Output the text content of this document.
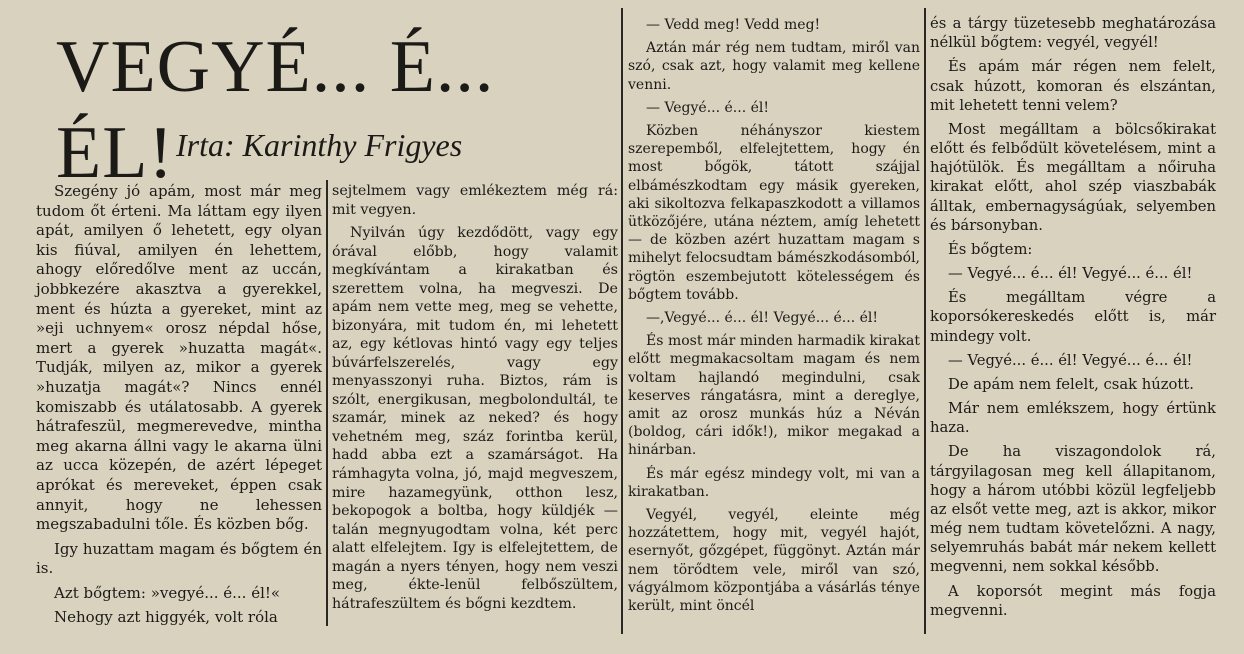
VEGYÉ... É... ÉL! Irta: Karinthy Frigyes

Szegény jó apám, most már meg tudom őt érteni. Ma láttam egy ilyen apát, amilyen ő lehetett, egy olyan kis fiúval, amilyen én lehettem, ahogy előredőlve ment az uccán, jobbkezére akasztva a gyerekkel, ment és húzta a gyereket, mint az »eji uchnyem« orosz népdal hőse, mert a gyerek »huzatta magát«. Tudják, milyen az, mikor a gyerek »huzatja magát«? Nincs ennél komiszabb és utálatosabb. A gyerek hátrafeszül, megmerevedve, mintha meg akarna állni vagy le akarna ülni az ucca közepén, de azért lépeget aprókat és mereveket, éppen csak annyit, hogy ne lehessen megszabadulni tőle. És közben bőg.

Igy huzattam magam és bőgtem én is.

Azt bőgtem: »vegyé... é... él!«

Nehogy azt higgyék, volt róla

sejtelmem vagy emlékeztem még rá: mit vegyen.

Nyilván úgy kezdődött, vagy egy órával előbb, hogy valamit megkívántam a kirakatban és szerettem volna, ha megveszi. De apám nem vette meg, meg se vehette, bizonyára, mit tudom én, mi lehetett az, egy kétlovas hintó vagy egy teljes búvárfelszerelés, vagy egy menyasszonyi ruha. Biztos, rám is szólt, energikusan, megbolondultál, te szamár, minek az neked? és hogy vehetném meg, száz forintba kerül, hadd abba ezt a szamárságot. Ha rámhagyta volna, jó, majd megveszem, mire hazamegyünk, otthon lesz, bekopogok a boltba, hogy küldjék — talán megnyugodtam volna, két perc alatt elfelejtem. Igy is elfelejtettem, de magán a nyers tényen, hogy nem veszi meg, ékte-lenül felbőszültem, hátrafeszültem és bőgni kezdtem.

— Vedd meg! Vedd meg!

Aztán már rég nem tudtam, miről van szó, csak azt, hogy valamit meg kellene venni.

— Vegyé... é... él!

Közben néhányszor kiestem szerepemből, elfelejtettem, hogy én most bőgök, tátott szájjal elbámészkodtam egy másik gyereken, aki sikoltozva felkapaszkodott a villamos ütközőjére, utána néztem, amíg lehetett — de közben azért huzattam magam s mihelyt felocsudtam bámészkodásomból, rögtön eszembejutott kötelességem és bőgtem tovább.

—,Vegyé... é... él! Vegyé... é... él!

És most már minden harmadik kirakat előtt megmakacsoltam magam és nem voltam hajlandó megindulni, csak keserves rángatásra, mint a dereglye, amit az orosz munkás húz a Néván (boldog, cári idők!), mikor megakad a hinárban.

És már egész mindegy volt, mi van a kirakatban.

Vegyél, vegyél, eleinte még hozzátettem, hogy mit, vegyél hajót, esernyőt, gőzgépet, függönyt. Aztán már nem törődtem vele, miről van szó, vágyálmom központjába a vásárlás ténye került, mint öncél

és a tárgy tüzetesebb meghatározása nélkül bőgtem: vegyél, vegyél!

És apám már régen nem felelt, csak húzott, komoran és elszántan, mit lehetett tenni velem?

Most megálltam a bölcsőkirakat előtt és felbődült követelésem, mint a hajótülök. És megálltam a nőiruha kirakat előtt, ahol szép viaszbabák álltak, embernagyságúak, selyemben és bársonyban.

És bőgtem:

— Vegyé... é... él! Vegyé... é... él!

És megálltam végre a koporsókereskedés előtt is, már mindegy volt.

— Vegyé... é... él! Vegyé... é... él!

De apám nem felelt, csak húzott.

Már nem emlékszem, hogy értünk haza.

De ha viszagondolok rá, tárgyilagosan meg kell állapitanom, hogy a három utóbbi közül legfeljebb az elsőt vette meg, azt is akkor, mikor még nem tudtam követelőzni. A nagy, selyemruhás babát már nekem kellett megvenni, nem sokkal később.

A koporsót megint más fogja megvenni.
